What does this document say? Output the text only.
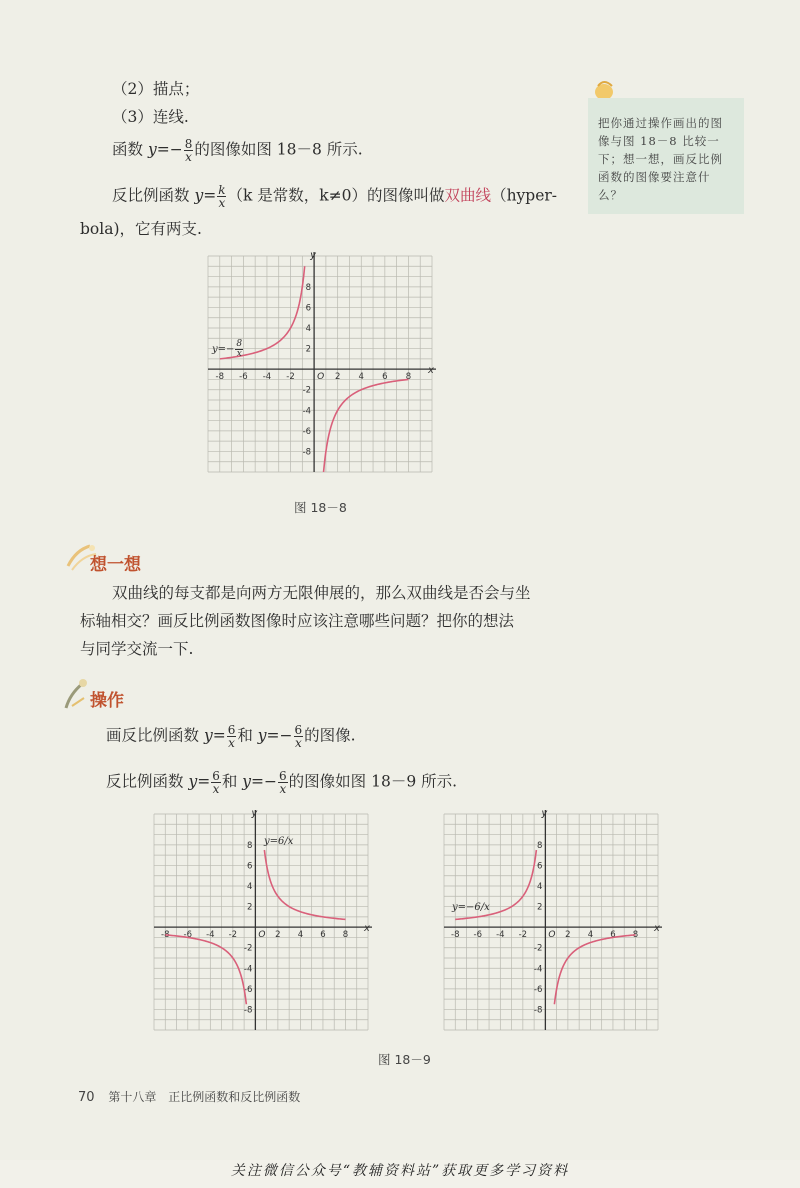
（2）描点；
（3）连线.
函数 $y=- \frac{8}{x}$ 的图像如图 18－8 所示.
反比例函数 $y= \frac{k}{x} (k$ 是常数，k≠0）的图像叫做双曲线（hyper-
bola)，它有两支.
把你通过操作画出的图像与图 18－8 比较一下；想一想，画反比例函数的图像要注意什么？
x
y
O
-8 -6 -4 -2	2 4 6 8
-8
-6
-4
-2
2
4
6
8
$y=- \frac{8}{x}$
图 18－8
想一想
双曲线的每支都是向两方无限伸展的，那么双曲线是否会与坐
标轴相交？画反比例函数图像时应该注意哪些问题？把你的想法
与同学交流一下.
操作
画反比例函数 $y= \frac{6}{x}$ 和 $y=- \frac{6}{x}$ 的图像.
反比例函数 $y= \frac{6}{x}$ 和 $y=- \frac{6}{x}$ 的图像如图 18－9 所示.
x
y
O
-8 -6 -4 -2	2 4 6 8
-8
-6
-4
-2
2
4
6
8 y=6/x
x
y
O
-8 -6 -4 -2	2 4 6 8
-8
-6
-4
-2
2
4
6
8
y=−6/x
图 18－9
70 第十八章 正比例函数和反比例函数
关注微信公众号“教辅资料站”获取更多学习资料
